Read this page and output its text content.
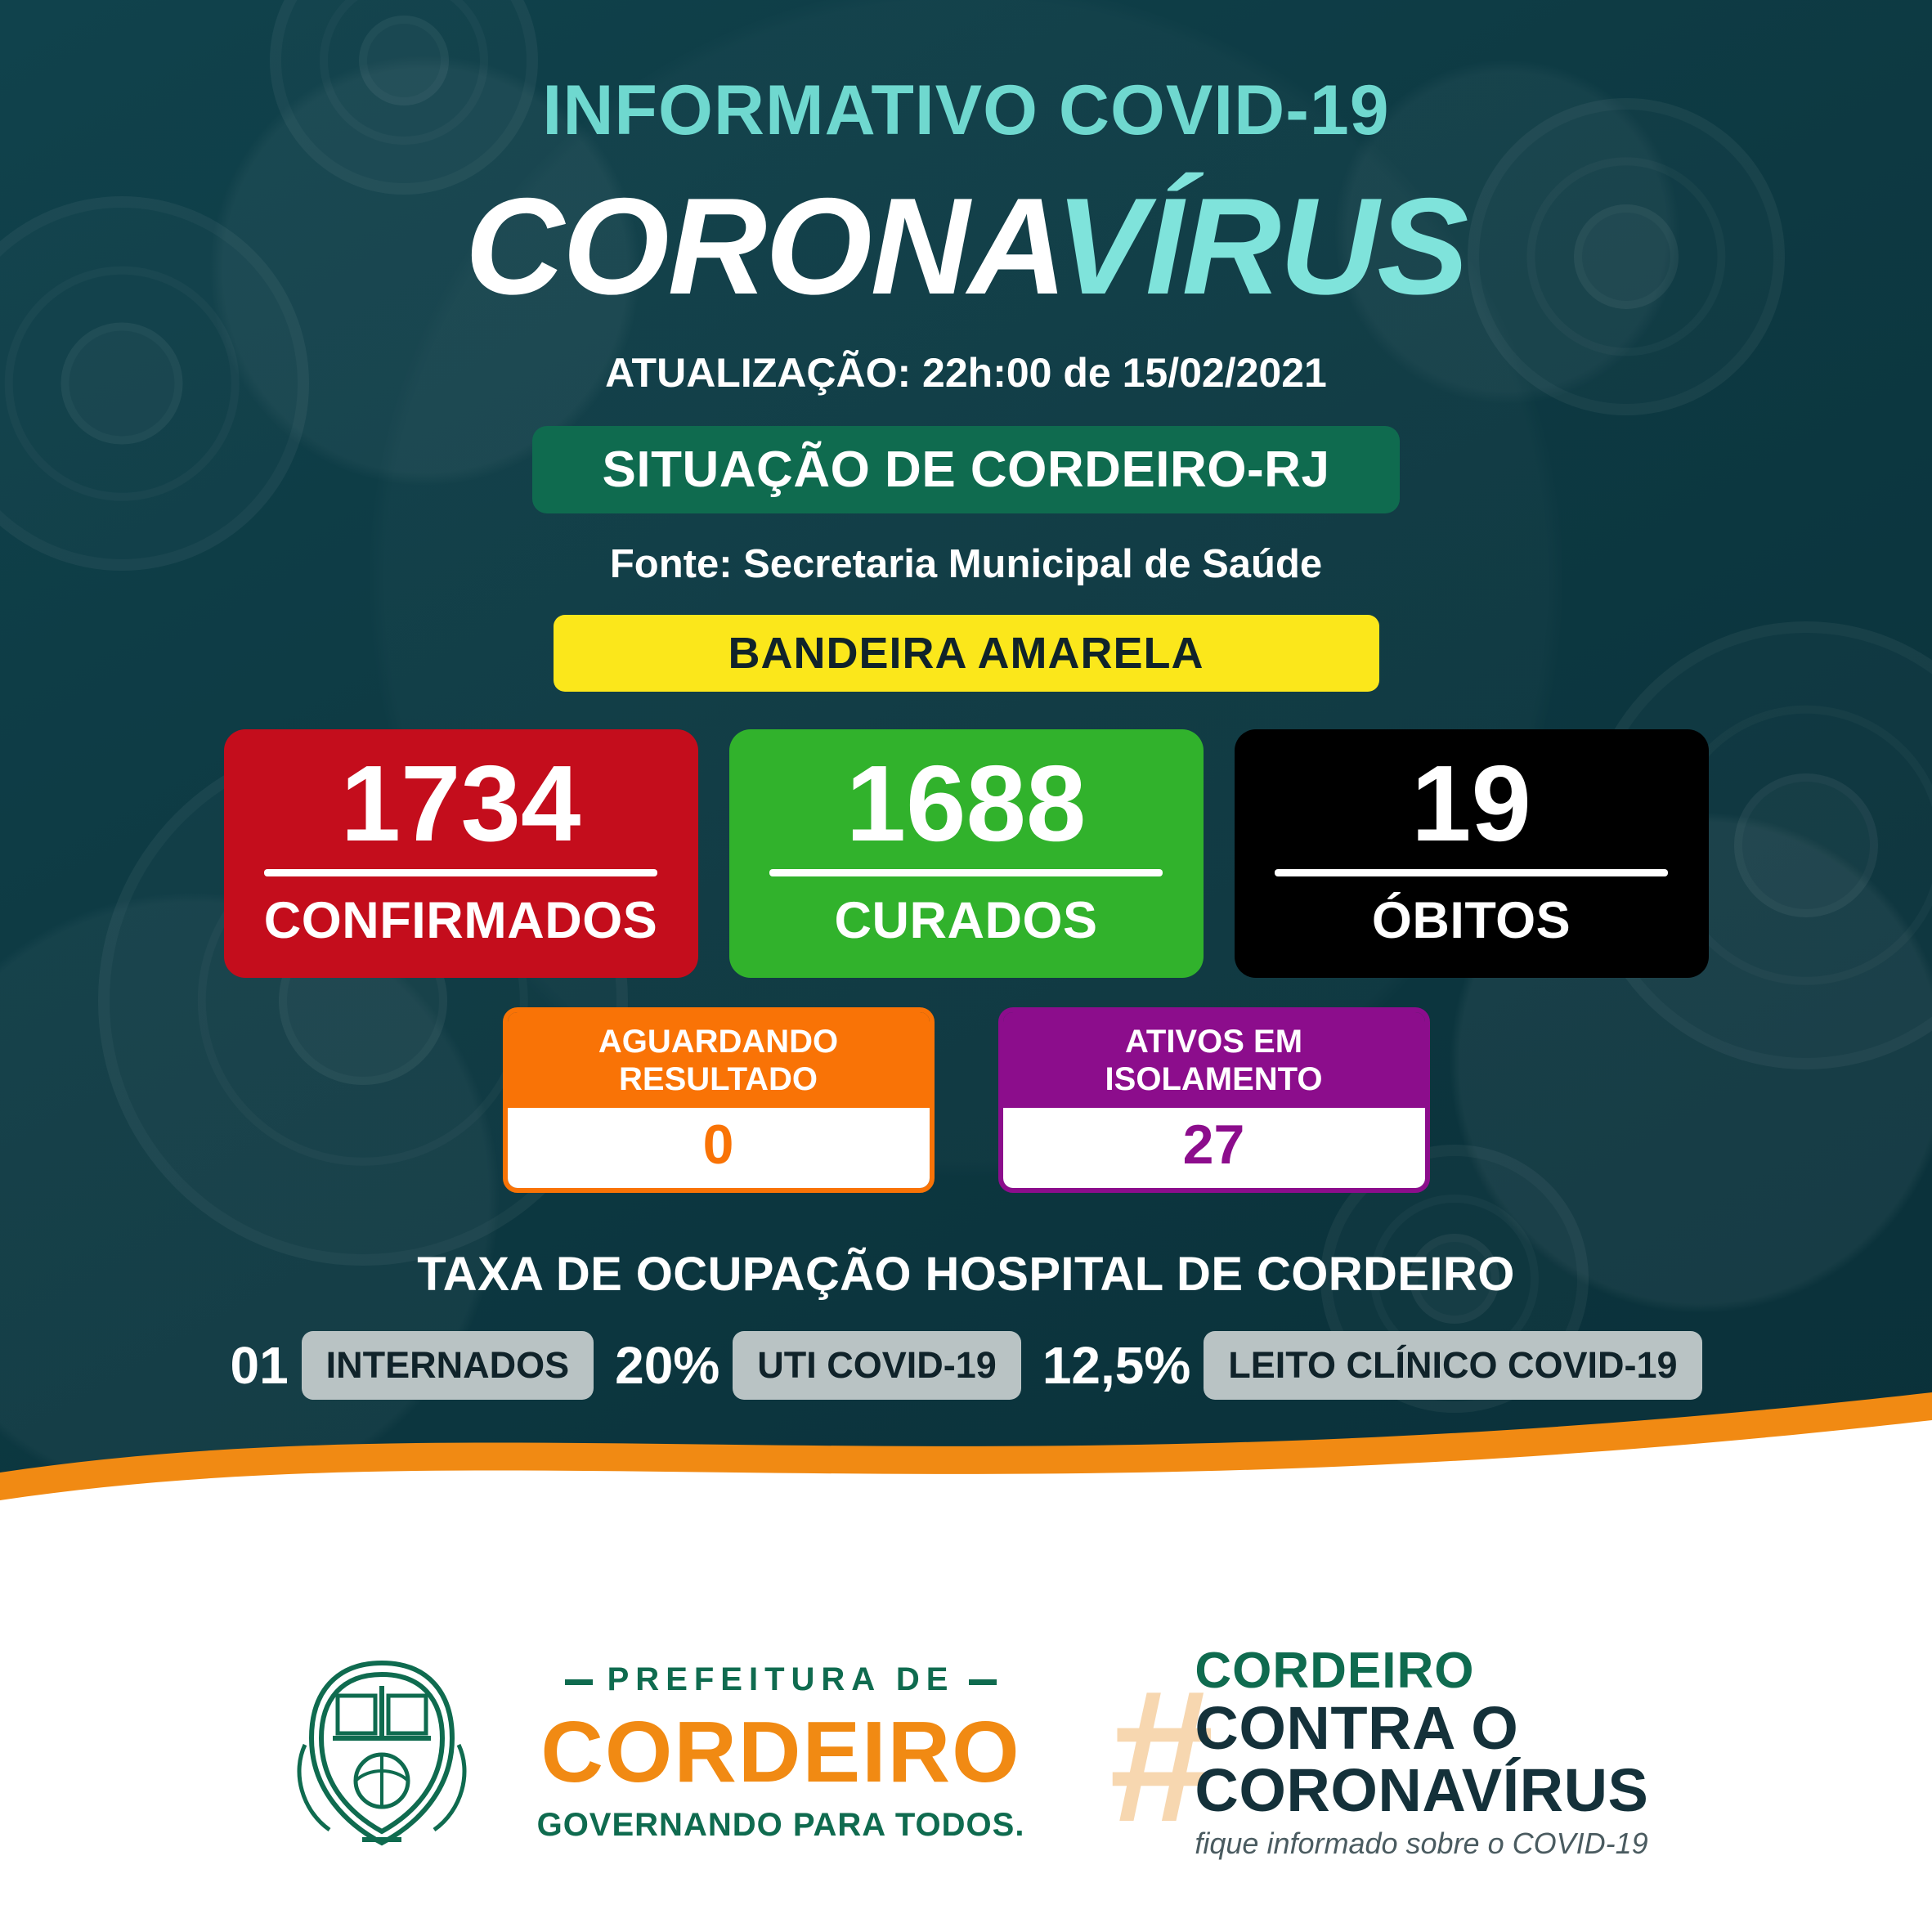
INFORMATIVO COVID-19
CORONAVÍRUS
ATUALIZAÇÃO: 22h:00 de 15/02/2021
SITUAÇÃO DE CORDEIRO-RJ
Fonte: Secretaria Municipal de Saúde
BANDEIRA AMARELA
1734
CONFIRMADOS
1688
CURADOS
19
ÓBITOS
AGUARDANDO
RESULTADO
0
ATIVOS EM
ISOLAMENTO
27
TAXA DE OCUPAÇÃO HOSPITAL DE CORDEIRO
01	INTERNADOS 20%	UTI COVID-19 12,5%	LEITO CLÍNICO COVID-19
PREFEITURA DE
CORDEIRO
GOVERNANDO PARA TODOS. #
CORDEIRO
CONTRA O
CORONAVÍRUS
fique informado sobre o COVID-19
